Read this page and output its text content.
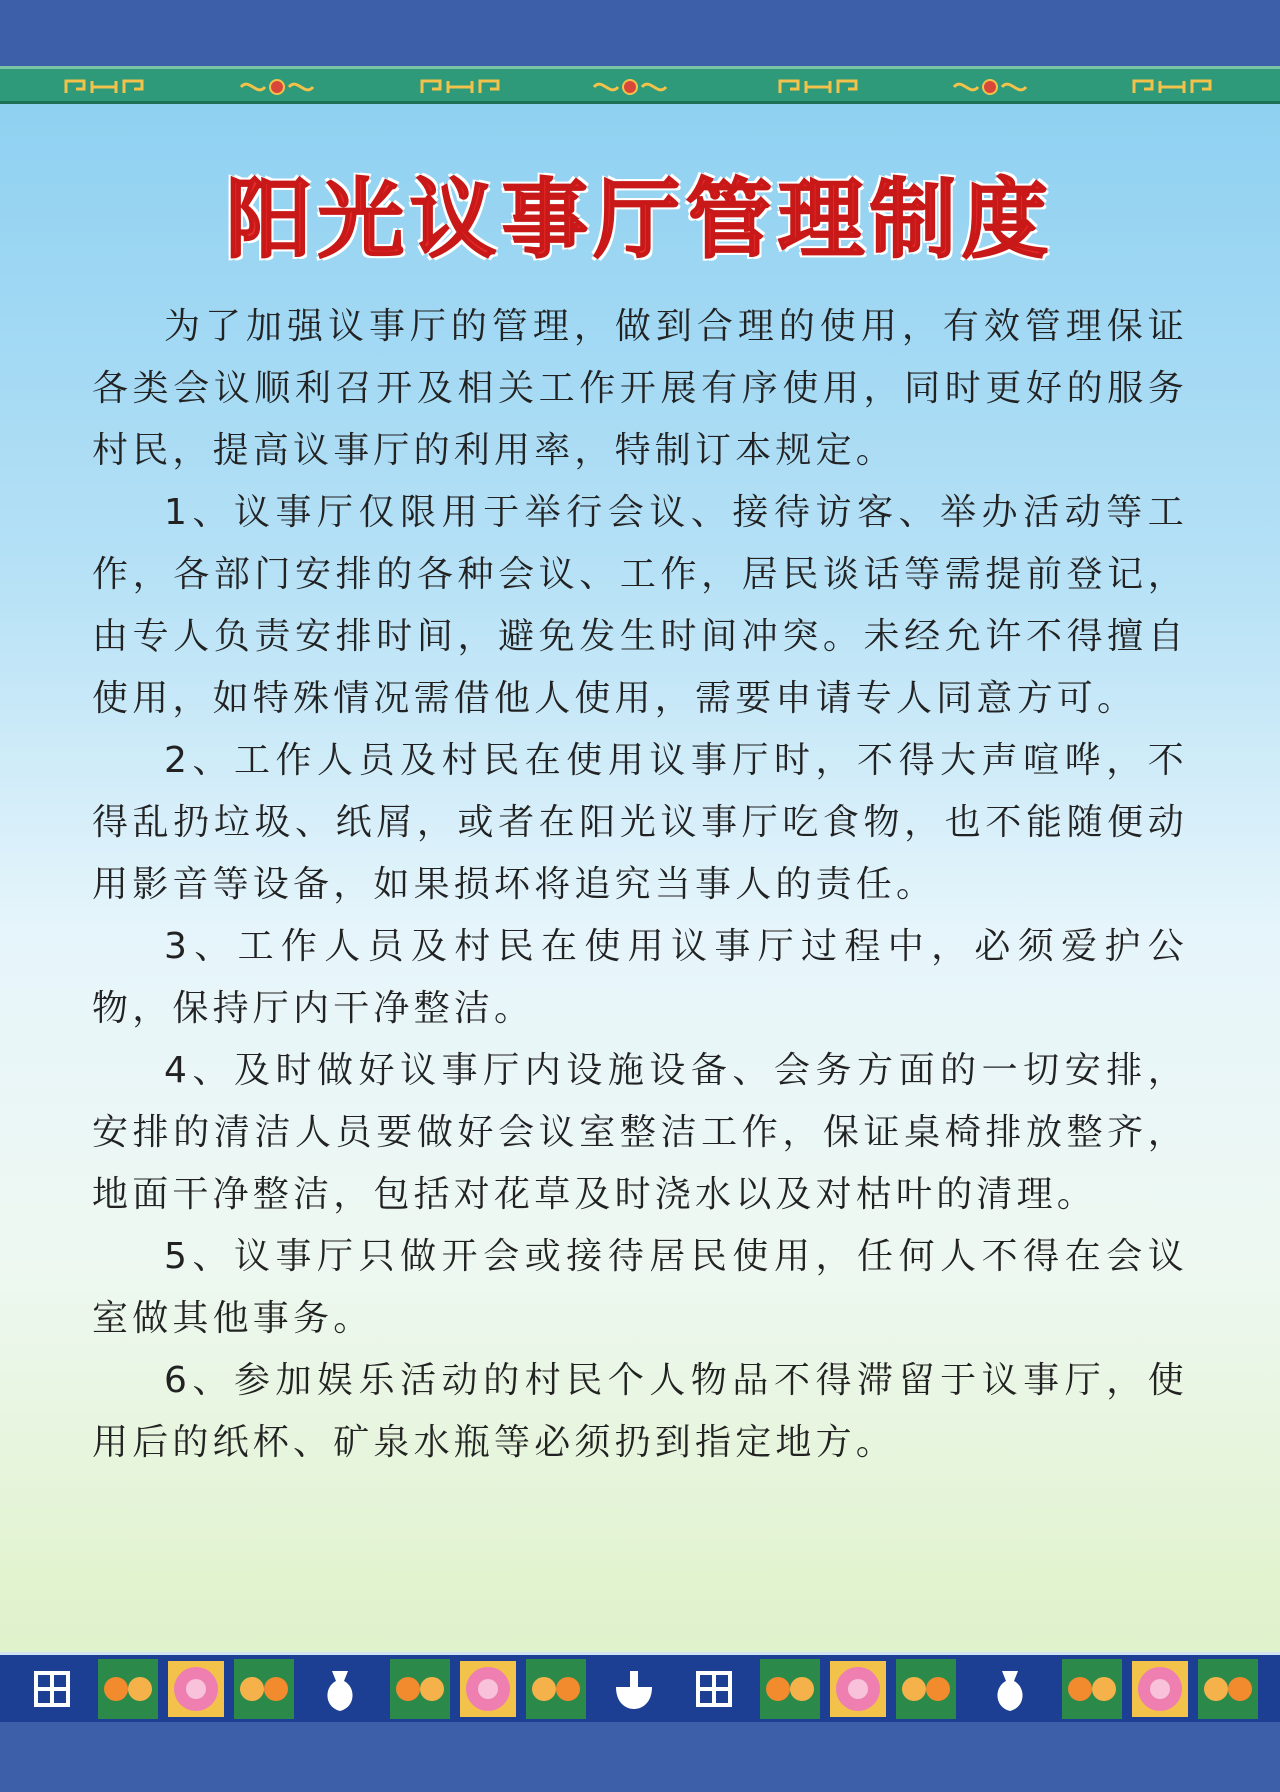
阳光议事厅管理制度

为了加强议事厅的管理，做到合理的使用，有效管理保证各类会议顺利召开及相关工作开展有序使用，同时更好的服务村民，提高议事厅的利用率，特制订本规定。

1、议事厅仅限用于举行会议、接待访客、举办活动等工作，各部门安排的各种会议、工作，居民谈话等需提前登记，由专人负责安排时间，避免发生时间冲突。未经允许不得擅自使用，如特殊情况需借他人使用，需要申请专人同意方可。

2、工作人员及村民在使用议事厅时，不得大声喧哗，不得乱扔垃圾、纸屑，或者在阳光议事厅吃食物，也不能随便动用影音等设备，如果损坏将追究当事人的责任。

3、工作人员及村民在使用议事厅过程中，必须爱护公物，保持厅内干净整洁。

4、及时做好议事厅内设施设备、会务方面的一切安排，安排的清洁人员要做好会议室整洁工作，保证桌椅排放整齐，地面干净整洁，包括对花草及时浇水以及对枯叶的清理。

5、议事厅只做开会或接待居民使用，任何人不得在会议室做其他事务。

6、参加娱乐活动的村民个人物品不得滞留于议事厅，使用后的纸杯、矿泉水瓶等必须扔到指定地方。
